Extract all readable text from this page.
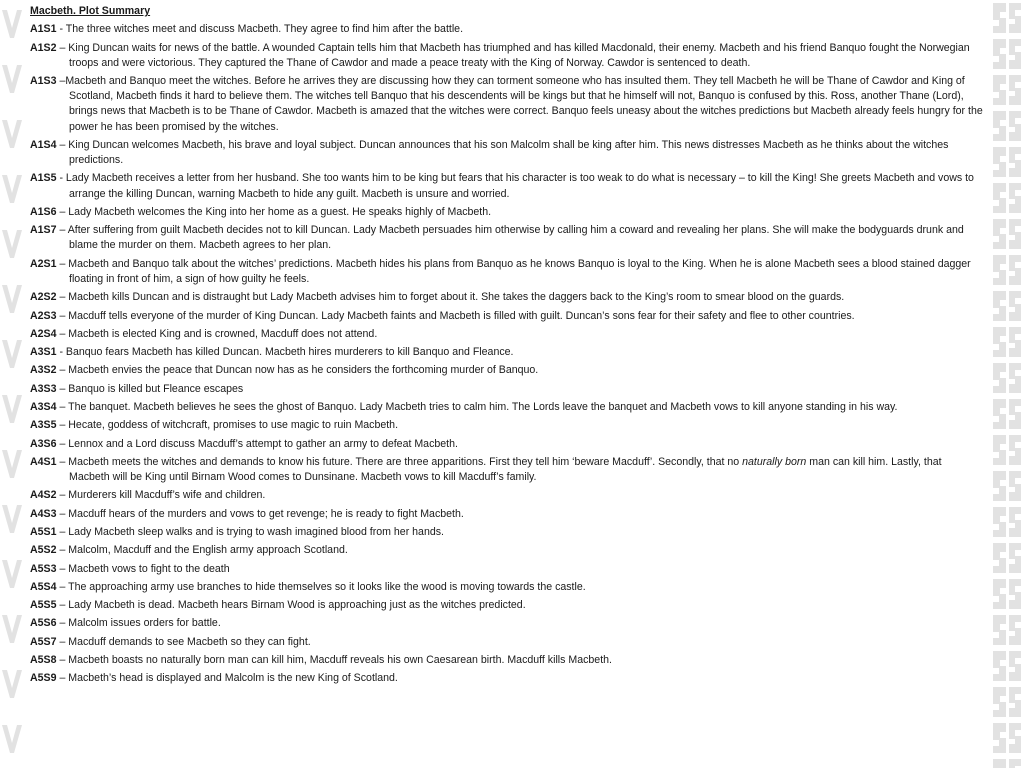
Macbeth. Plot Summary

A1S1 - The three witches meet and discuss Macbeth. They agree to find him after the battle.

A1S2 – King Duncan waits for news of the battle. A wounded Captain tells him that Macbeth has triumphed and has killed Macdonald, their enemy. Macbeth and his friend Banquo fought the Norwegian troops and were victorious. They captured the Thane of Cawdor and made a peace treaty with the King of Norway. Cawdor is sentenced to death.

A1S3 –Macbeth and Banquo meet the witches. Before he arrives they are discussing how they can torment someone who has insulted them. They tell Macbeth he will be Thane of Cawdor and King of Scotland, Macbeth finds it hard to believe them. The witches tell Banquo that his descendents will be kings but that he himself will not, Banquo is confused by this. Ross, another Thane (Lord), brings news that Macbeth is to be Thane of Cawdor. Macbeth is amazed that the witches were correct. Banquo feels uneasy about the witches predictions but Macbeth already feels hungry for the power he has been promised by the witches.

A1S4 – King Duncan welcomes Macbeth, his brave and loyal subject. Duncan announces that his son Malcolm shall be king after him. This news distresses Macbeth as he thinks about the witches predictions.

A1S5 - Lady Macbeth receives a letter from her husband. She too wants him to be king but fears that his character is too weak to do what is necessary – to kill the King! She greets Macbeth and vows to arrange the killing Duncan, warning Macbeth to hide any guilt. Macbeth is unsure and worried.

A1S6 – Lady Macbeth welcomes the King into her home as a guest. He speaks highly of Macbeth.

A1S7 – After suffering from guilt Macbeth decides not to kill Duncan. Lady Macbeth persuades him otherwise by calling him a coward and revealing her plans. She will make the bodyguards drunk and blame the murder on them. Macbeth agrees to her plan.

A2S1 – Macbeth and Banquo talk about the witches’ predictions. Macbeth hides his plans from Banquo as he knows Banquo is loyal to the King. When he is alone Macbeth sees a blood stained dagger floating in front of him, a sign of how guilty he feels.

A2S2 – Macbeth kills Duncan and is distraught but Lady Macbeth advises him to forget about it. She takes the daggers back to the King’s room to smear blood on the guards.

A2S3 – Macduff tells everyone of the murder of King Duncan. Lady Macbeth faints and Macbeth is filled with guilt. Duncan’s sons fear for their safety and flee to other countries.

A2S4 – Macbeth is elected King and is crowned, Macduff does not attend.

A3S1 - Banquo fears Macbeth has killed Duncan. Macbeth hires murderers to kill Banquo and Fleance.

A3S2 – Macbeth envies the peace that Duncan now has as he considers the forthcoming murder of Banquo.

A3S3 – Banquo is killed but Fleance escapes

A3S4 – The banquet. Macbeth believes he sees the ghost of Banquo. Lady Macbeth tries to calm him. The Lords leave the banquet and Macbeth vows to kill anyone standing in his way.

A3S5 – Hecate, goddess of witchcraft, promises to use magic to ruin Macbeth.

A3S6 – Lennox and a Lord discuss Macduff’s attempt to gather an army to defeat Macbeth.

A4S1 – Macbeth meets the witches and demands to know his future. There are three apparitions. First they tell him ‘beware Macduff’. Secondly, that no naturally born man can kill him. Lastly, that Macbeth will be King until Birnam Wood comes to Dunsinane. Macbeth vows to kill Macduff’s family.

A4S2 – Murderers kill Macduff’s wife and children.

A4S3 – Macduff hears of the murders and vows to get revenge; he is ready to fight Macbeth.

A5S1 – Lady Macbeth sleep walks and is trying to wash imagined blood from her hands.

A5S2 – Malcolm, Macduff and the English army approach Scotland.

A5S3 – Macbeth vows to fight to the death

A5S4 – The approaching army use branches to hide themselves so it looks like the wood is moving towards the castle.

A5S5 – Lady Macbeth is dead. Macbeth hears Birnam Wood is approaching just as the witches predicted.

A5S6 – Malcolm issues orders for battle.

A5S7 – Macduff demands to see Macbeth so they can fight.

A5S8 – Macbeth boasts no naturally born man can kill him, Macduff reveals his own Caesarean birth. Macduff kills Macbeth.

A5S9 – Macbeth’s head is displayed and Malcolm is the new King of Scotland.
